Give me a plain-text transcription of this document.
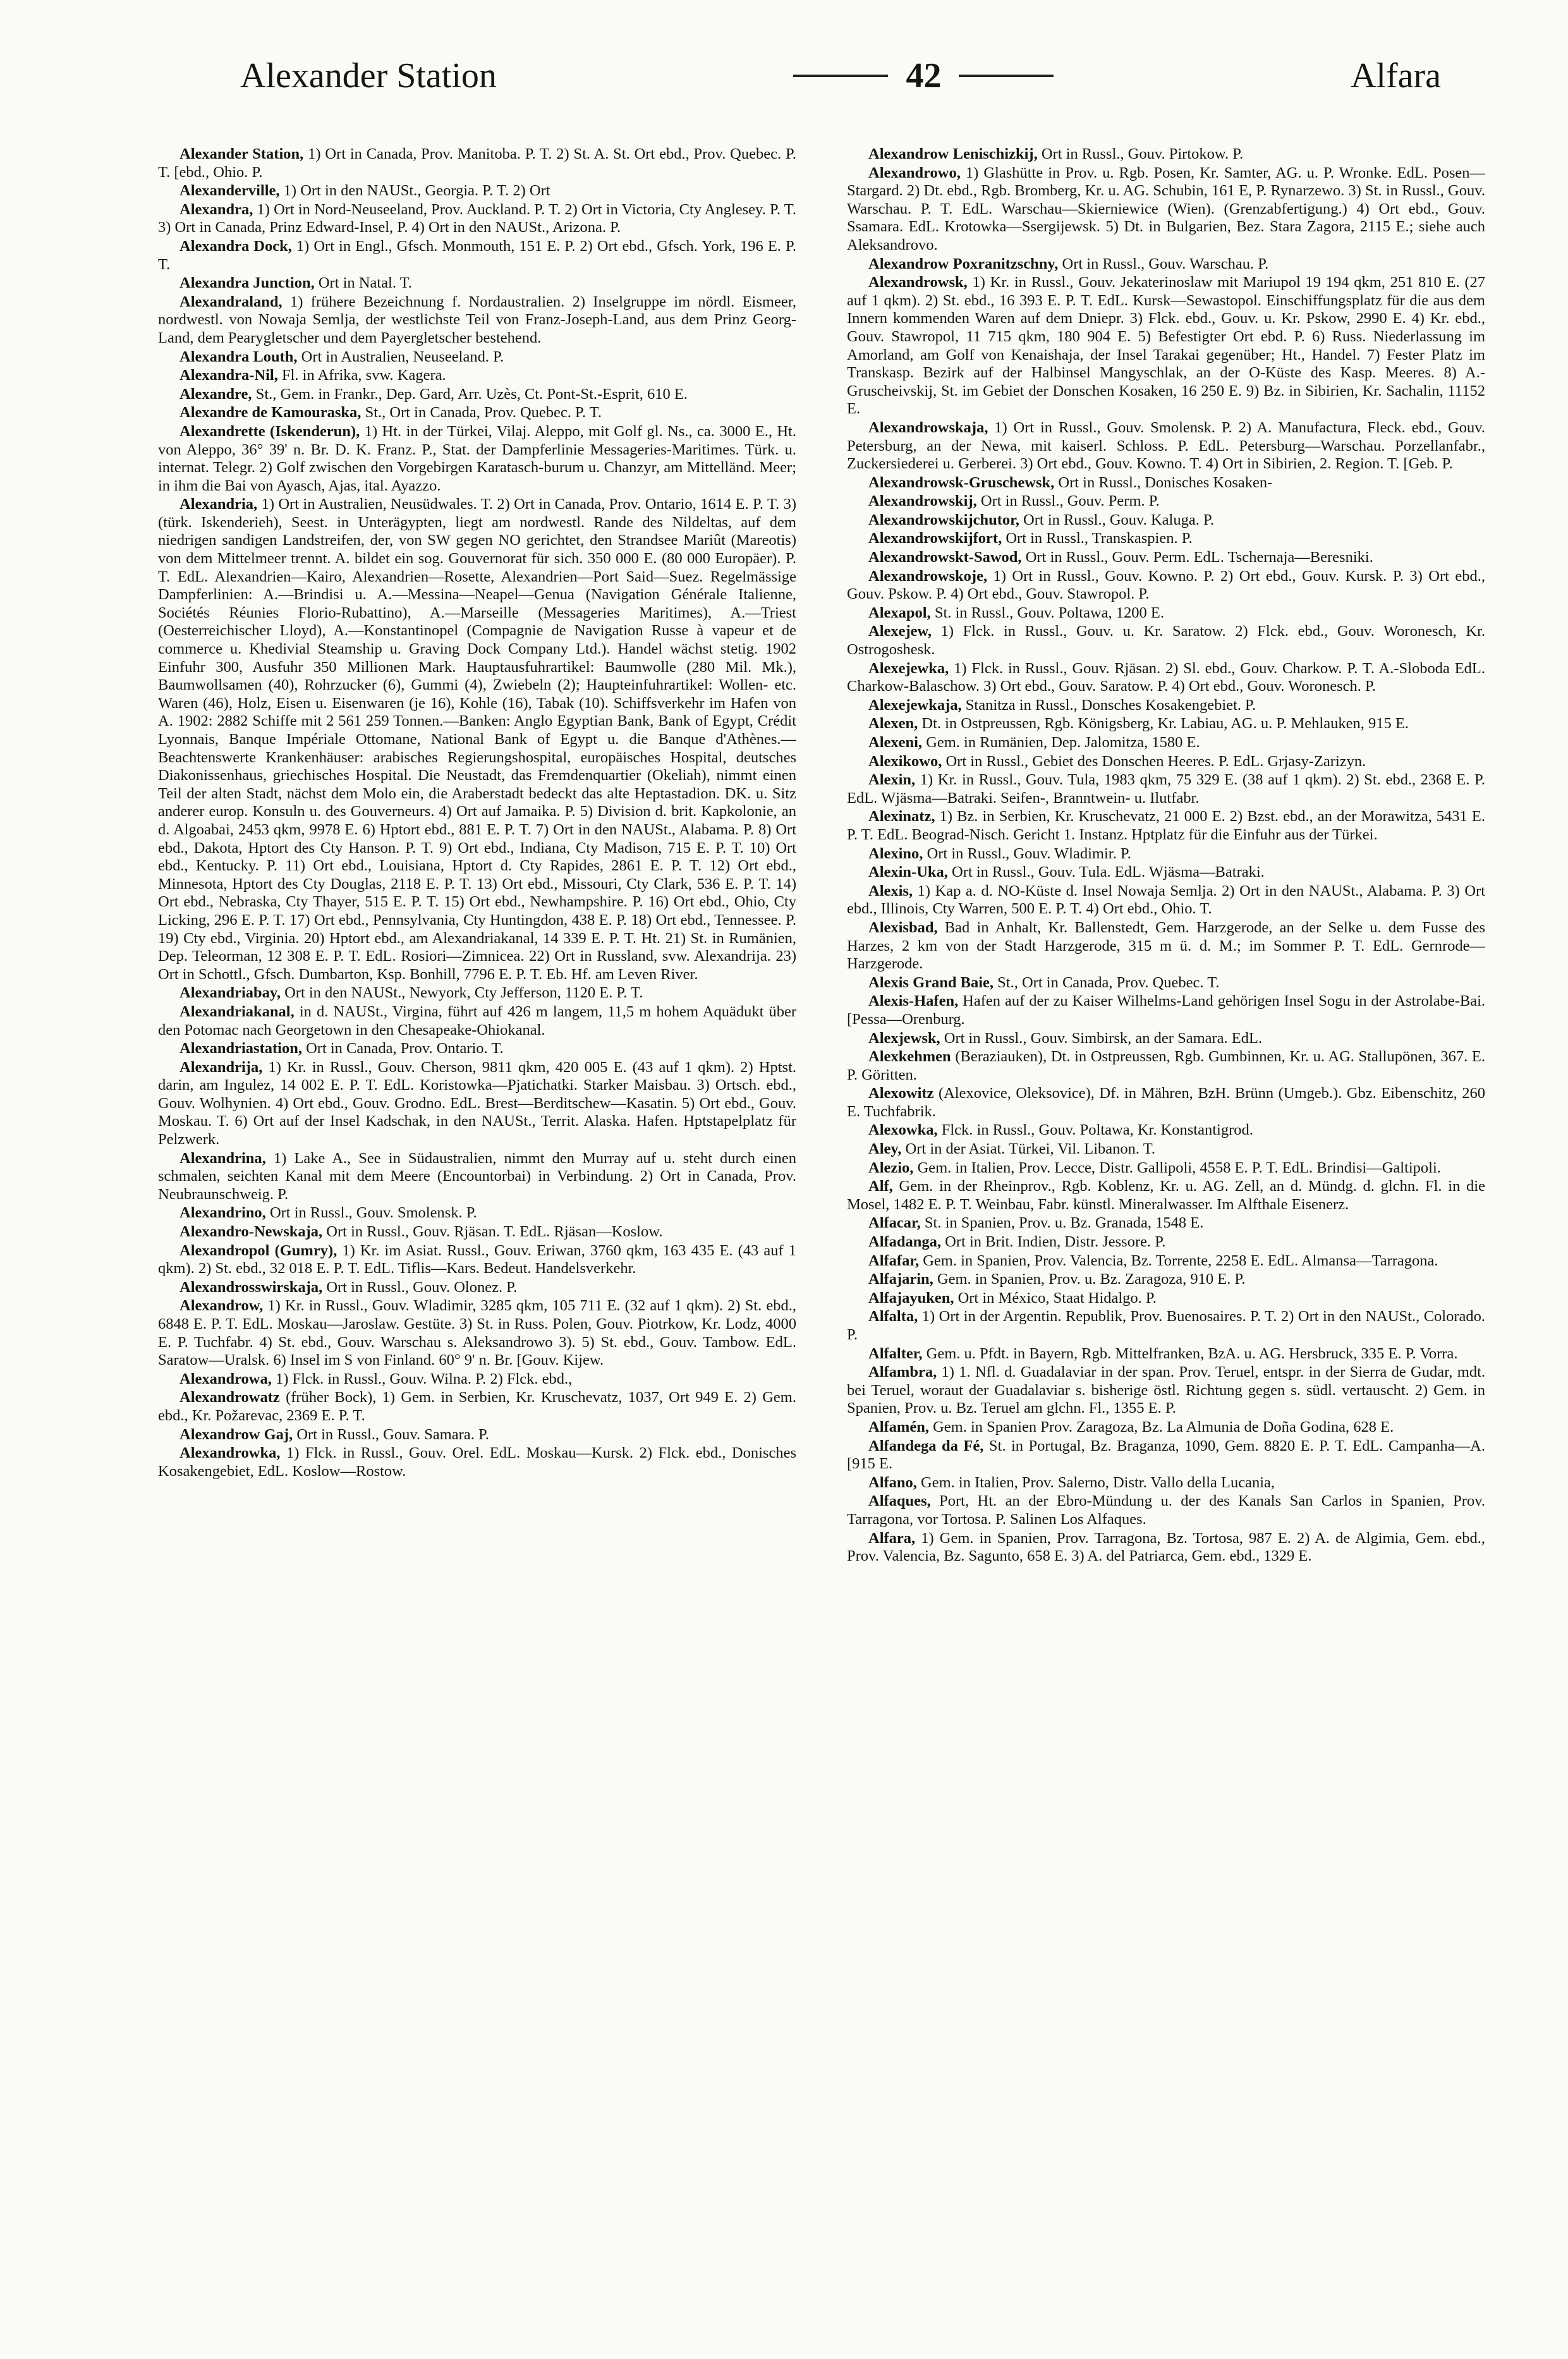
Alexander Station	42	Alfara

Alexander Station, 1) Ort in Canada, Prov. Manitoba. P. T. 2) St. A. St. Ort ebd., Prov. Quebec. P. T. [ebd., Ohio. P.

Alexanderville, 1) Ort in den NAUSt., Georgia. P. T. 2) Ort

Alexandra, 1) Ort in Nord-Neuseeland, Prov. Auckland. P. T. 2) Ort in Victoria, Cty Anglesey. P. T. 3) Ort in Canada, Prinz Edward-Insel, P. 4) Ort in den NAUSt., Arizona. P.

Alexandra Dock, 1) Ort in Engl., Gfsch. Monmouth, 151 E. P. 2) Ort ebd., Gfsch. York, 196 E. P. T.

Alexandra Junction, Ort in Natal. T.

Alexandraland, 1) frühere Bezeichnung f. Nordaustralien. 2) Inselgruppe im nördl. Eismeer, nordwestl. von Nowaja Semlja, der westlichste Teil von Franz-Joseph-Land, aus dem Prinz Georg-Land, dem Pearygletscher und dem Payergletscher bestehend.

Alexandra Louth, Ort in Australien, Neuseeland. P.

Alexandra-Nil, Fl. in Afrika, svw. Kagera.

Alexandre, St., Gem. in Frankr., Dep. Gard, Arr. Uzès, Ct. Pont-St.-Esprit, 610 E.

Alexandre de Kamouraska, St., Ort in Canada, Prov. Quebec. P. T.

Alexandrette (Iskenderun), 1) Ht. in der Türkei, Vilaj. Aleppo, mit Golf gl. Ns., ca. 3000 E., Ht. von Aleppo, 36° 39' n. Br. D. K. Franz. P., Stat. der Dampferlinie Messageries-Maritimes. Türk. u. internat. Telegr. 2) Golf zwischen den Vorgebirgen Karatasch-burum u. Chanzyr, am Mittelländ. Meer; in ihm die Bai von Ayasch, Ajas, ital. Ayazzo.

Alexandria, 1) Ort in Australien, Neusüdwales. T. 2) Ort in Canada, Prov. Ontario, 1614 E. P. T. 3) (türk. Iskenderieh), Seest. in Unterägypten, liegt am nordwestl. Rande des Nildeltas, auf dem niedrigen sandigen Landstreifen, der, von SW gegen NO gerichtet, den Strandsee Mariût (Mareotis) von dem Mittelmeer trennt. A. bildet ein sog. Gouvernorat für sich. 350 000 E. (80 000 Europäer). P. T. EdL. Alexandrien—Kairo, Alexandrien—Rosette, Alexandrien—Port Said—Suez. Regelmässige Dampferlinien: A.—Brindisi u. A.—Messina—Neapel—Genua (Navigation Générale Italienne, Sociétés Réunies Florio-Rubattino), A.—Marseille (Messageries Maritimes), A.—Triest (Oesterreichischer Lloyd), A.—Konstantinopel (Compagnie de Navigation Russe à vapeur et de commerce u. Khedivial Steamship u. Graving Dock Company Ltd.). Handel wächst stetig. 1902 Einfuhr 300, Ausfuhr 350 Millionen Mark. Hauptausfuhrartikel: Baumwolle (280 Mil. Mk.), Baumwollsamen (40), Rohrzucker (6), Gummi (4), Zwiebeln (2); Haupteinfuhrartikel: Wollen- etc. Waren (46), Holz, Eisen u. Eisenwaren (je 16), Kohle (16), Tabak (10). Schiffsverkehr im Hafen von A. 1902: 2882 Schiffe mit 2 561 259 Tonnen.—Banken: Anglo Egyptian Bank, Bank of Egypt, Crédit Lyonnais, Banque Impériale Ottomane, National Bank of Egypt u. die Banque d'Athènes.—Beachtenswerte Krankenhäuser: arabisches Regierungshospital, europäisches Hospital, deutsches Diakonissenhaus, griechisches Hospital. Die Neustadt, das Fremdenquartier (Okeliah), nimmt einen Teil der alten Stadt, nächst dem Molo ein, die Araberstadt bedeckt das alte Heptastadion. DK. u. Sitz anderer europ. Konsuln u. des Gouverneurs. 4) Ort auf Jamaika. P. 5) Division d. brit. Kapkolonie, an d. Algoabai, 2453 qkm, 9978 E. 6) Hptort ebd., 881 E. P. T. 7) Ort in den NAUSt., Alabama. P. 8) Ort ebd., Dakota, Hptort des Cty Hanson. P. T. 9) Ort ebd., Indiana, Cty Madison, 715 E. P. T. 10) Ort ebd., Kentucky. P. 11) Ort ebd., Louisiana, Hptort d. Cty Rapides, 2861 E. P. T. 12) Ort ebd., Minnesota, Hptort des Cty Douglas, 2118 E. P. T. 13) Ort ebd., Missouri, Cty Clark, 536 E. P. T. 14) Ort ebd., Nebraska, Cty Thayer, 515 E. P. T. 15) Ort ebd., Newhampshire. P. 16) Ort ebd., Ohio, Cty Licking, 296 E. P. T. 17) Ort ebd., Pennsylvania, Cty Huntingdon, 438 E. P. 18) Ort ebd., Tennessee. P. 19) Cty ebd., Virginia. 20) Hptort ebd., am Alexandriakanal, 14 339 E. P. T. Ht. 21) St. in Rumänien, Dep. Teleorman, 12 308 E. P. T. EdL. Rosiori—Zimnicea. 22) Ort in Russland, svw. Alexandrija. 23) Ort in Schottl., Gfsch. Dumbarton, Ksp. Bonhill, 7796 E. P. T. Eb. Hf. am Leven River.

Alexandriabay, Ort in den NAUSt., Newyork, Cty Jefferson, 1120 E. P. T.

Alexandriakanal, in d. NAUSt., Virgina, führt auf 426 m langem, 11,5 m hohem Aquädukt über den Potomac nach Georgetown in den Chesapeake-Ohiokanal.

Alexandriastation, Ort in Canada, Prov. Ontario. T.

Alexandrija, 1) Kr. in Russl., Gouv. Cherson, 9811 qkm, 420 005 E. (43 auf 1 qkm). 2) Hptst. darin, am Ingulez, 14 002 E. P. T. EdL. Koristowka—Pjatichatki. Starker Maisbau. 3) Ortsch. ebd., Gouv. Wolhynien. 4) Ort ebd., Gouv. Grodno. EdL. Brest—Berditschew—Kasatin. 5) Ort ebd., Gouv. Moskau. T. 6) Ort auf der Insel Kadschak, in den NAUSt., Territ. Alaska. Hafen. Hptstapelplatz für Pelzwerk.

Alexandrina, 1) Lake A., See in Südaustralien, nimmt den Murray auf u. steht durch einen schmalen, seichten Kanal mit dem Meere (Encountorbai) in Verbindung. 2) Ort in Canada, Prov. Neubraunschweig. P.

Alexandrino, Ort in Russl., Gouv. Smolensk. P.

Alexandro-Newskaja, Ort in Russl., Gouv. Rjäsan. T. EdL. Rjäsan—Koslow.

Alexandropol (Gumry), 1) Kr. im Asiat. Russl., Gouv. Eriwan, 3760 qkm, 163 435 E. (43 auf 1 qkm). 2) St. ebd., 32 018 E. P. T. EdL. Tiflis—Kars. Bedeut. Handelsverkehr.

Alexandrosswirskaja, Ort in Russl., Gouv. Olonez. P.

Alexandrow, 1) Kr. in Russl., Gouv. Wladimir, 3285 qkm, 105 711 E. (32 auf 1 qkm). 2) St. ebd., 6848 E. P. T. EdL. Moskau—Jaroslaw. Gestüte. 3) St. in Russ. Polen, Gouv. Piotrkow, Kr. Lodz, 4000 E. P. Tuchfabr. 4) St. ebd., Gouv. Warschau s. Aleksandrowo 3). 5) St. ebd., Gouv. Tambow. EdL. Saratow—Uralsk. 6) Insel im S von Finland. 60° 9' n. Br. [Gouv. Kijew.

Alexandrowa, 1) Flck. in Russl., Gouv. Wilna. P. 2) Flck. ebd.,

Alexandrowatz (früher Bock), 1) Gem. in Serbien, Kr. Kruschevatz, 1037, Ort 949 E. 2) Gem. ebd., Kr. Požarevac, 2369 E. P. T.

Alexandrow Gaj, Ort in Russl., Gouv. Samara. P.

Alexandrowka, 1) Flck. in Russl., Gouv. Orel. EdL. Moskau—Kursk. 2) Flck. ebd., Donisches Kosakengebiet, EdL. Koslow—Rostow.

Alexandrow Lenischizkij, Ort in Russl., Gouv. Pirtokow. P.

Alexandrowo, 1) Glashütte in Prov. u. Rgb. Posen, Kr. Samter, AG. u. P. Wronke. EdL. Posen—Stargard. 2) Dt. ebd., Rgb. Bromberg, Kr. u. AG. Schubin, 161 E, P. Rynarzewo. 3) St. in Russl., Gouv. Warschau. P. T. EdL. Warschau—Skierniewice (Wien). (Grenzabfertigung.) 4) Ort ebd., Gouv. Ssamara. EdL. Krotowka—Ssergijewsk. 5) Dt. in Bulgarien, Bez. Stara Zagora, 2115 E.; siehe auch Aleksandrovo.

Alexandrow Poxranitzschny, Ort in Russl., Gouv. Warschau. P.

Alexandrowsk, 1) Kr. in Russl., Gouv. Jekaterinoslaw mit Mariupol 19 194 qkm, 251 810 E. (27 auf 1 qkm). 2) St. ebd., 16 393 E. P. T. EdL. Kursk—Sewastopol. Einschiffungsplatz für die aus dem Innern kommenden Waren auf dem Dniepr. 3) Flck. ebd., Gouv. u. Kr. Pskow, 2990 E. 4) Kr. ebd., Gouv. Stawropol, 11 715 qkm, 180 904 E. 5) Befestigter Ort ebd. P. 6) Russ. Niederlassung im Amorland, am Golf von Kenaishaja, der Insel Tarakai gegenüber; Ht., Handel. 7) Fester Platz im Transkasp. Bezirk auf der Halbinsel Mangyschlak, an der O-Küste des Kasp. Meeres. 8) A.-Gruscheivskij, St. im Gebiet der Donschen Kosaken, 16 250 E. 9) Bz. in Sibirien, Kr. Sachalin, 11152 E.

Alexandrowskaja, 1) Ort in Russl., Gouv. Smolensk. P. 2) A. Manufactura, Fleck. ebd., Gouv. Petersburg, an der Newa, mit kaiserl. Schloss. P. EdL. Petersburg—Warschau. Porzellanfabr., Zuckersiederei u. Gerberei. 3) Ort ebd., Gouv. Kowno. T. 4) Ort in Sibirien, 2. Region. T. [Geb. P.

Alexandrowsk-Gruschewsk, Ort in Russl., Donisches Kosaken-

Alexandrowskij, Ort in Russl., Gouv. Perm. P.

Alexandrowskijchutor, Ort in Russl., Gouv. Kaluga. P.

Alexandrowskijfort, Ort in Russl., Transkaspien. P.

Alexandrowskt-Sawod, Ort in Russl., Gouv. Perm. EdL. Tschernaja—Beresniki.

Alexandrowskoje, 1) Ort in Russl., Gouv. Kowno. P. 2) Ort ebd., Gouv. Kursk. P. 3) Ort ebd., Gouv. Pskow. P. 4) Ort ebd., Gouv. Stawropol. P.

Alexapol, St. in Russl., Gouv. Poltawa, 1200 E.

Alexejew, 1) Flck. in Russl., Gouv. u. Kr. Saratow. 2) Flck. ebd., Gouv. Woronesch, Kr. Ostrogoshesk.

Alexejewka, 1) Flck. in Russl., Gouv. Rjäsan. 2) Sl. ebd., Gouv. Charkow. P. T. A.-Sloboda EdL. Charkow-Balaschow. 3) Ort ebd., Gouv. Saratow. P. 4) Ort ebd., Gouv. Woronesch. P.

Alexejewkaja, Stanitza in Russl., Donsches Kosakengebiet. P.

Alexen, Dt. in Ostpreussen, Rgb. Königsberg, Kr. Labiau, AG. u. P. Mehlauken, 915 E.

Alexeni, Gem. in Rumänien, Dep. Jalomitza, 1580 E.

Alexikowo, Ort in Russl., Gebiet des Donschen Heeres. P. EdL. Grjasy-Zarizyn.

Alexin, 1) Kr. in Russl., Gouv. Tula, 1983 qkm, 75 329 E. (38 auf 1 qkm). 2) St. ebd., 2368 E. P. EdL. Wjäsma—Batraki. Seifen-, Branntwein- u. Ilutfabr.

Alexinatz, 1) Bz. in Serbien, Kr. Kruschevatz, 21 000 E. 2) Bzst. ebd., an der Morawitza, 5431 E. P. T. EdL. Beograd-Nisch. Gericht 1. Instanz. Hptplatz für die Einfuhr aus der Türkei.

Alexino, Ort in Russl., Gouv. Wladimir. P.

Alexin-Uka, Ort in Russl., Gouv. Tula. EdL. Wjäsma—Batraki.

Alexis, 1) Kap a. d. NO-Küste d. Insel Nowaja Semlja. 2) Ort in den NAUSt., Alabama. P. 3) Ort ebd., Illinois, Cty Warren, 500 E. P. T. 4) Ort ebd., Ohio. T.

Alexisbad, Bad in Anhalt, Kr. Ballenstedt, Gem. Harzgerode, an der Selke u. dem Fusse des Harzes, 2 km von der Stadt Harzgerode, 315 m ü. d. M.; im Sommer P. T. EdL. Gernrode—Harzgerode.

Alexis Grand Baie, St., Ort in Canada, Prov. Quebec. T.

Alexis-Hafen, Hafen auf der zu Kaiser Wilhelms-Land gehörigen Insel Sogu in der Astrolabe-Bai. [Pessa—Orenburg.

Alexjewsk, Ort in Russl., Gouv. Simbirsk, an der Samara. EdL.

Alexkehmen (Beraziauken), Dt. in Ostpreussen, Rgb. Gumbinnen, Kr. u. AG. Stallupönen, 367. E. P. Göritten.

Alexowitz (Alexovice, Oleksovice), Df. in Mähren, BzH. Brünn (Umgeb.). Gbz. Eibenschitz, 260 E. Tuchfabrik.

Alexowka, Flck. in Russl., Gouv. Poltawa, Kr. Konstantigrod.

Aley, Ort in der Asiat. Türkei, Vil. Libanon. T.

Alezio, Gem. in Italien, Prov. Lecce, Distr. Gallipoli, 4558 E. P. T. EdL. Brindisi—Galtipoli.

Alf, Gem. in der Rheinprov., Rgb. Koblenz, Kr. u. AG. Zell, an d. Mündg. d. glchn. Fl. in die Mosel, 1482 E. P. T. Weinbau, Fabr. künstl. Mineralwasser. Im Alfthale Eisenerz.

Alfacar, St. in Spanien, Prov. u. Bz. Granada, 1548 E.

Alfadanga, Ort in Brit. Indien, Distr. Jessore. P.

Alfafar, Gem. in Spanien, Prov. Valencia, Bz. Torrente, 2258 E. EdL. Almansa—Tarragona.

Alfajarin, Gem. in Spanien, Prov. u. Bz. Zaragoza, 910 E. P.

Alfajayuken, Ort in México, Staat Hidalgo. P.

Alfalta, 1) Ort in der Argentin. Republik, Prov. Buenosaires. P. T. 2) Ort in den NAUSt., Colorado. P.

Alfalter, Gem. u. Pfdt. in Bayern, Rgb. Mittelfranken, BzA. u. AG. Hersbruck, 335 E. P. Vorra.

Alfambra, 1) 1. Nfl. d. Guadalaviar in der span. Prov. Teruel, entspr. in der Sierra de Gudar, mdt. bei Teruel, woraut der Guadalaviar s. bisherige östl. Richtung gegen s. südl. vertauscht. 2) Gem. in Spanien, Prov. u. Bz. Teruel am glchn. Fl., 1355 E. P.

Alfamén, Gem. in Spanien Prov. Zaragoza, Bz. La Almunia de Doña Godina, 628 E.

Alfandega da Fé, St. in Portugal, Bz. Braganza, 1090, Gem. 8820 E. P. T. EdL. Campanha—A. [915 E.

Alfano, Gem. in Italien, Prov. Salerno, Distr. Vallo della Lucania,

Alfaques, Port, Ht. an der Ebro-Mündung u. der des Kanals San Carlos in Spanien, Prov. Tarragona, vor Tortosa. P. Salinen Los Alfaques.

Alfara, 1) Gem. in Spanien, Prov. Tarragona, Bz. Tortosa, 987 E. 2) A. de Algimia, Gem. ebd., Prov. Valencia, Bz. Sagunto, 658 E. 3) A. del Patriarca, Gem. ebd., 1329 E.
